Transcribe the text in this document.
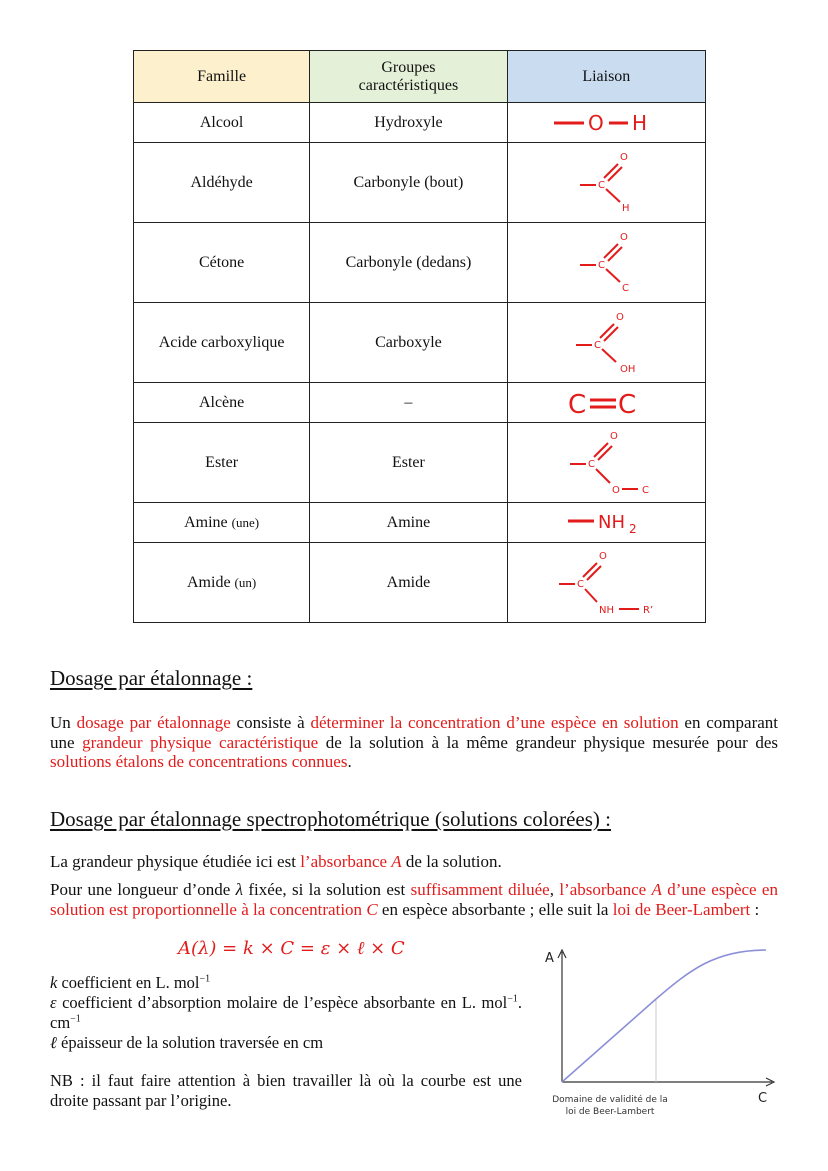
Famille	Groupes caractéristiques	Liaison
Alcool	Hydroxyle	O H

Aldéhyde	Carbonyle (bout)	O
C
H

Cétone	Carbonyle (dedans)	O
C
C

Acide carboxylique	Carboxyle	O
C
OH

Alcène	–	C C

Ester	Ester	O
C
O C

Amine (une)	Amine	NH 2

Amide (un)	Amide	O
C
NH R’
Dosage par étalonnage :
Un dosage par étalonnage consiste à déterminer la concentration d’une espèce en solution en comparant une grandeur physique caractéristique de la solution à la même grandeur physique mesurée pour des solutions étalons de concentrations connues.
Dosage par étalonnage spectrophotométrique (solutions colorées) :
La grandeur physique étudiée ici est l’absorbance A de la solution.
Pour une longueur d’onde λ fixée, si la solution est suffisamment diluée, l’absorbance A d’une espèce en solution est proportionnelle à la concentration C en espèce absorbante ; elle suit la loi de Beer-Lambert :
A(λ) = k × C = ε × ℓ × C
k coefficient en L. mol$^{-1}$
ε coefficient d’absorption molaire de l’espèce absorbante en L. mol$^{-1}$. $cm^{-1}$
ℓ épaisseur de la solution traversée en cm
NB : il faut faire attention à bien travailler là où la courbe est une droite passant par l’origine.
A
C
Domaine de validité de la
loi de Beer-Lambert
